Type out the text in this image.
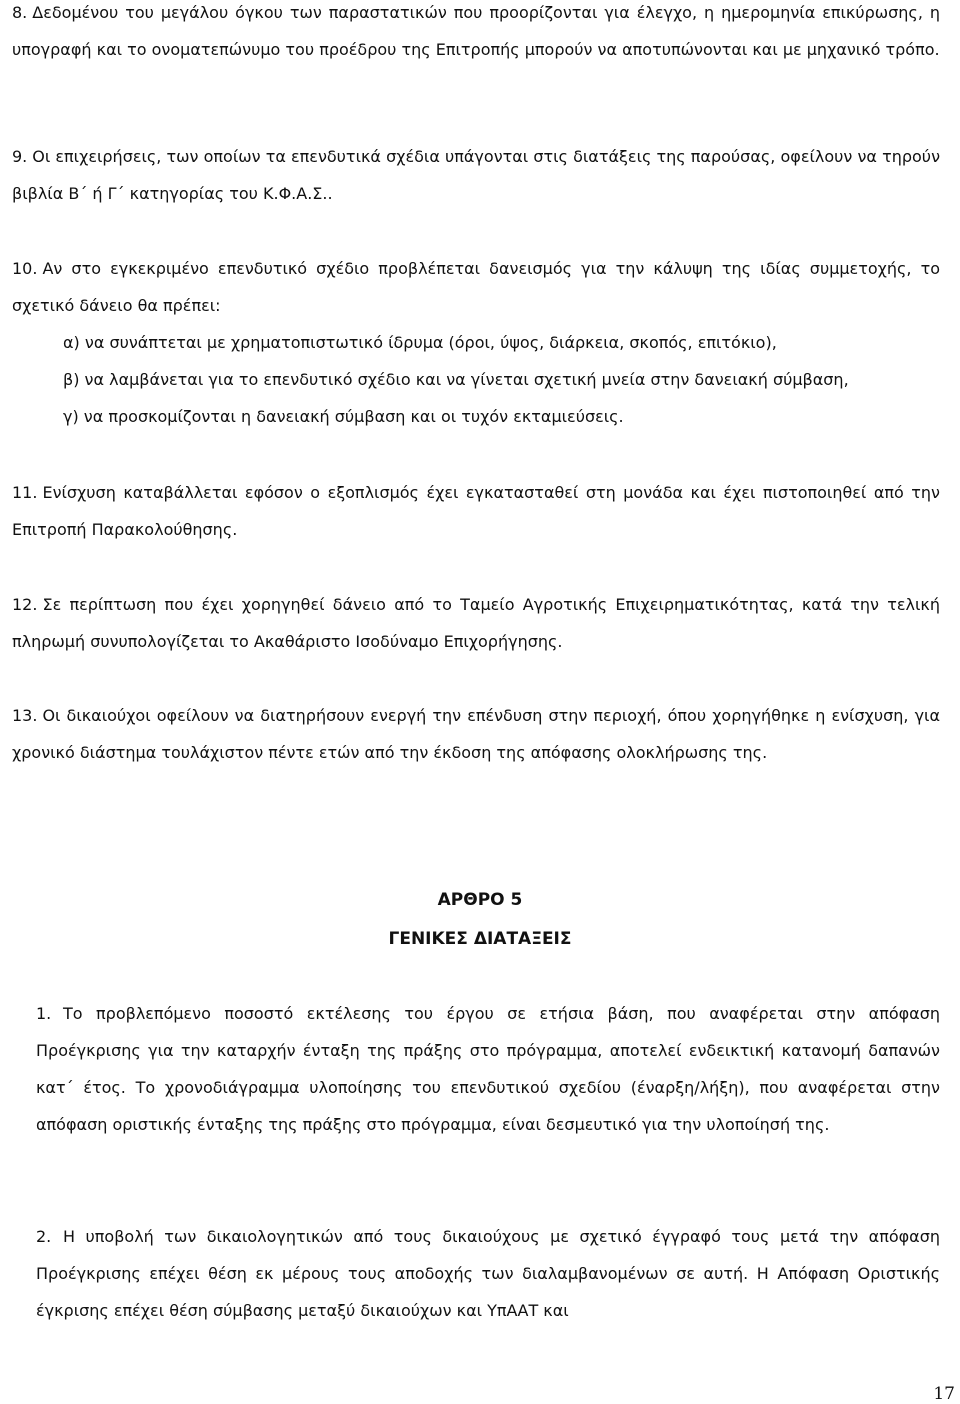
8. Δεδομένου του μεγάλου όγκου των παραστατικών που προορίζονται για έλεγχο, η ημερομηνία επικύρωσης, η υπογραφή και το ονοματεπώνυμο του προέδρου της Επιτροπής μπορούν να αποτυπώνονται και με μηχανικό τρόπο.

9. Οι επιχειρήσεις, των οποίων τα επενδυτικά σχέδια υπάγονται στις διατάξεις της παρούσας, οφείλουν να τηρούν βιβλία Β΄ ή Γ΄ κατηγορίας του Κ.Φ.Α.Σ..

10. Αν στο εγκεκριμένο επενδυτικό σχέδιο προβλέπεται δανεισμός για την κάλυψη της ιδίας συμμετοχής, το σχετικό δάνειο θα πρέπει:
α) να συνάπτεται με χρηματοπιστωτικό ίδρυμα (όροι, ύψος, διάρκεια, σκοπός, επιτόκιο),
β) να λαμβάνεται για το επενδυτικό σχέδιο και να γίνεται σχετική μνεία στην δανειακή σύμβαση,
γ) να προσκομίζονται η δανειακή σύμβαση και οι τυχόν εκταμιεύσεις.

11. Ενίσχυση καταβάλλεται εφόσον ο εξοπλισμός έχει εγκατασταθεί στη μονάδα και έχει πιστοποιηθεί από την Επιτροπή Παρακολούθησης.

12. Σε περίπτωση που έχει χορηγηθεί δάνειο από το Ταμείο Αγροτικής Επιχειρηματικότητας, κατά την τελική πληρωμή συνυπολογίζεται το Ακαθάριστο Ισοδύναμο Επιχορήγησης.

13. Οι δικαιούχοι οφείλουν να διατηρήσουν ενεργή την επένδυση στην περιοχή, όπου χορηγήθηκε η ενίσχυση, για χρονικό διάστημα τουλάχιστον πέντε ετών από την έκδοση της απόφασης ολοκλήρωσης της.

ΑΡΘΡΟ 5
ΓΕΝΙΚΕΣ ΔΙΑΤΑΞΕΙΣ

1. Το προβλεπόμενο ποσοστό εκτέλεσης του έργου σε ετήσια βάση, που αναφέρεται στην απόφαση Προέγκρισης για την καταρχήν ένταξη της πράξης στο πρόγραμμα, αποτελεί ενδεικτική κατανομή δαπανών κατ΄ έτος. Το χρονοδιάγραμμα υλοποίησης του επενδυτικού σχεδίου (έναρξη/λήξη), που αναφέρεται στην απόφαση οριστικής ένταξης της πράξης στο πρόγραμμα, είναι δεσμευτικό για την υλοποίησή της.

2. Η υποβολή των δικαιολογητικών από τους δικαιούχους με σχετικό έγγραφό τους μετά την απόφαση Προέγκρισης επέχει θέση εκ μέρους τους αποδοχής των διαλαμβανομένων σε αυτή. Η Απόφαση Οριστικής έγκρισης επέχει θέση σύμβασης μεταξύ δικαιούχων και ΥπΑΑΤ και

17
